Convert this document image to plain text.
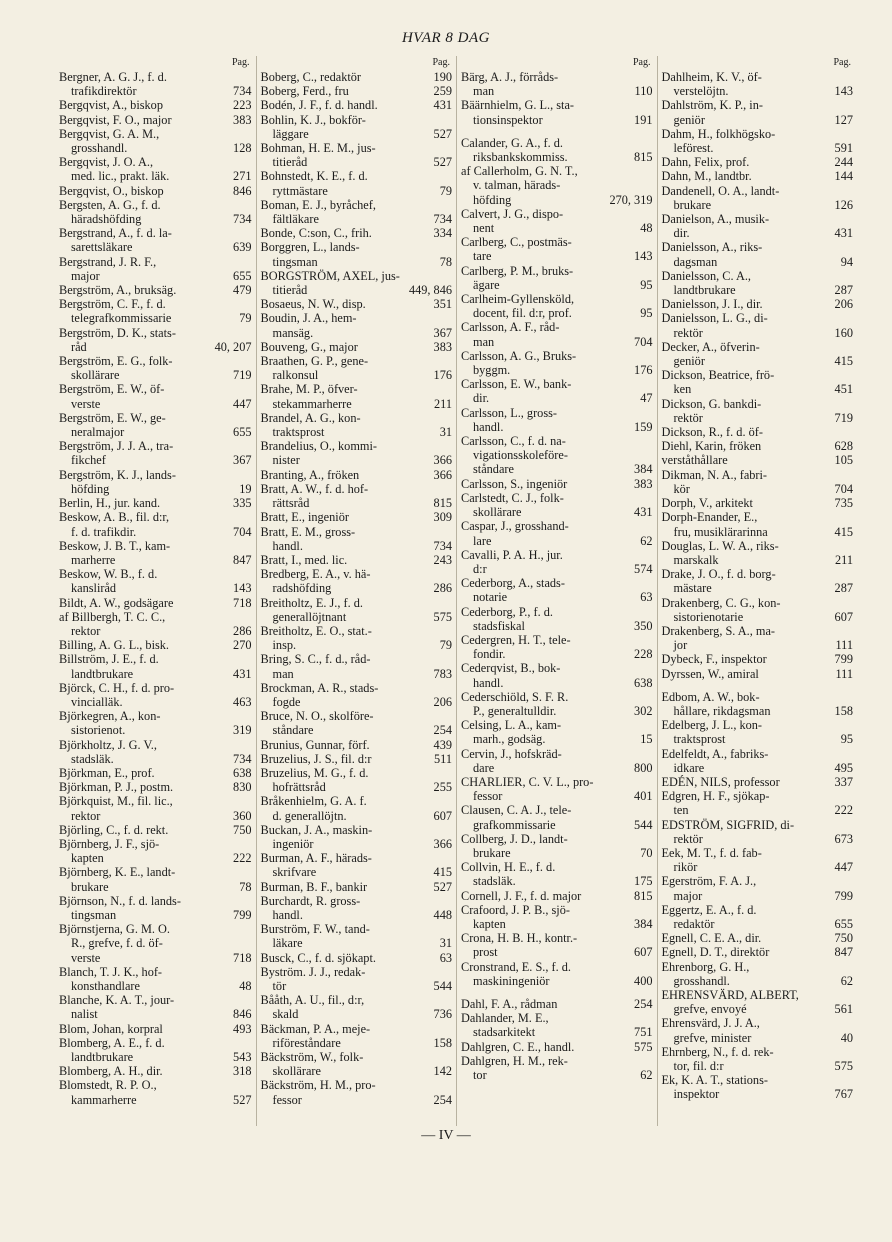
HVAR 8 DAG
Pag.
Bergner, A. G. J., f. d.
734
trafikdirektör
223
Bergqvist, A., biskop
383
Bergqvist, F. O., major
Bergqvist, G. A. M.,
128
grosshandl.
Bergqvist, J. O. A.,
271
med. lic., prakt. läk.
846
Bergqvist, O., biskop
Bergsten, A. G., f. d.
734
häradshöfding
Bergstrand, A., f. d. la-
639
sarettsläkare
Bergstrand, J. R. F.,
655
major
479
Bergström, A., bruksäg.
Bergström, C. F., f. d.
79
telegrafkommissarie
Bergström, D. K., stats-
40, 207
råd
Bergström, E. G., folk-
719
skollärare
Bergström, E. W., öf-
447
verste
Bergström, E. W., ge-
655
neralmajor
Bergström, J. J. A., tra-
367
fikchef
Bergström, K. J., lands-
19
höfding
335
Berlin, H., jur. kand.
Beskow, A. B., fil. d:r,
704
f. d. trafikdir.
Beskow, J. B. T., kam-
847
marherre
Beskow, W. B., f. d.
143
kansliråd
718
Bildt, A. W., godsägare
af Billbergh, T. C. C.,
286
rektor
270
Billing, A. G. L., bisk.
Billström, J. E., f. d.
431
landtbrukare
Björck, C. H., f. d. pro-
463
vincialläk.
Björkegren, A., kon-
319
sistorienot.
Björkholtz, J. G. V.,
734
stadsläk.
638
Björkman, E., prof.
830
Björkman, P. J., postm.
Björkquist, M., fil. lic.,
360
rektor
750
Björling, C., f. d. rekt.
Björnberg, J. F., sjö-
222
kapten
Björnberg, K. E., landt-
78
brukare
Björnson, N., f. d. lands-
799
tingsman
Björnstjerna, G. M. O.
R., grefve, f. d. öf-
718
verste
Blanch, T. J. K., hof-
48
konsthandlare
Blanche, K. A. T., jour-
846
nalist
493
Blom, Johan, korpral
Blomberg, A. E., f. d.
543
landtbrukare
318
Blomberg, A. H., dir.
Blomstedt, R. P. O.,
527
kammarherre
Pag.
190
Boberg, C., redaktör
259
Boberg, Ferd., fru
431
Bodén, J. F., f. d. handl.
Bohlin, K. J., bokför-
527
läggare
Bohman, H. E. M., jus-
527
titieråd
Bohnstedt, K. E., f. d.
79
ryttmästare
Boman, E. J., byråchef,
734
fältläkare
334
Bonde, C:son, C., frih.
Borggren, L., lands-
78
tingsman
BORGSTRÖM, AXEL, jus-
449, 846
titieråd
351
Bosaeus, N. W., disp.
Boudin, J. A., hem-
367
mansäg.
383
Bouveng, G., major
Braathen, G. P., gene-
176
ralkonsul
Brahe, M. P., öfver-
211
stekammarherre
Brandel, A. G., kon-
31
traktsprost
Brandelius, O., kommi-
366
nister
366
Branting, A., fröken
Bratt, A. W., f. d. hof-
815
rättsråd
309
Bratt, E., ingeniör
Bratt, E. M., gross-
734
handl.
243
Bratt, I., med. lic.
Bredberg, E. A., v. hä-
286
radshöfding
Breitholtz, E. J., f. d.
575
generallöjtnant
Breitholtz, E. O., stat.-
79
insp.
Bring, S. C., f. d., råd-
783
man
Brockman, A. R., stads-
206
fogde
Bruce, N. O., skolföre-
254
ståndare
439
Brunius, Gunnar, förf.
511
Bruzelius, J. S., fil. d:r
Bruzelius, M. G., f. d.
255
hofrättsråd
Bråkenhielm, G. A. f.
607
d. generallöjtn.
Buckan, J. A., maskin-
366
ingeniör
Burman, A. F., härads-
415
skrifvare
527
Burman, B. F., bankir
Burchardt, R. gross-
448
handl.
Burström, F. W., tand-
31
läkare
63
Busck, C., f. d. sjökapt.
Byström. J. J., redak-
544
tör
Bååth, A. U., fil., d:r,
736
skald
Bäckman, P. A., meje-
158
riföreståndare
Bäckström, W., folk-
142
skollärare
Bäckström, H. M., pro-
254
fessor
Pag.
Bärg, A. J., förråds-
110
man
Bäärnhielm, G. L., sta-
191
tionsinspektor
Calander, G. A., f. d.
815
riksbankskommiss.
af Callerholm, G. N. T.,
v. talman, härads-
270, 319
höfding
Calvert, J. G., dispo-
48
nent
Carlberg, C., postmäs-
143
tare
Carlberg, P. M., bruks-
95
ägare
Carlheim-Gyllensköld,
95
docent, fil. d:r, prof.
Carlsson, A. F., råd-
704
man
Carlsson, A. G., Bruks-
176
byggm.
Carlsson, E. W., bank-
47
dir.
Carlsson, L., gross-
159
handl.
Carlsson, C., f. d. na-
vigationsskoleföre-
384
ståndare
383
Carlsson, S., ingeniör
Carlstedt, C. J., folk-
431
skollärare
Caspar, J., grosshand-
62
lare
Cavalli, P. A. H., jur.
574
d:r
Cederborg, A., stads-
63
notarie
Cederborg, P., f. d.
350
stadsfiskal
Cedergren, H. T., tele-
228
fondir.
Cederqvist, B., bok-
638
handl.
Cederschiöld, S. F. R.
302
P., generaltulldir.
Celsing, L. A., kam-
15
marh., godsäg.
Cervin, J., hofskräd-
800
dare
CHARLIER, C. V. L., pro-
401
fessor
Clausen, C. A. J., tele-
544
grafkommissarie
Collberg, J. D., landt-
70
brukare
Collvin, H. E., f. d.
175
stadsläk.
815
Cornell, J. F., f. d. major
Crafoord, J. P. B., sjö-
384
kapten
Crona, H. B. H., kontr.-
607
prost
Cronstrand, E. S., f. d.
400
maskiningeniör
254
Dahl, F. A., rådman
Dahlander, M. E.,
751
stadsarkitekt
575
Dahlgren, C. E., handl.
Dahlgren, H. M., rek-
62
tor
Pag.
Dahlheim, K. V., öf-
143
verstelöjtn.
Dahlström, K. P., in-
127
geniör
Dahm, H., folkhögsko-
591
leförest.
244
Dahn, Felix, prof.
144
Dahn, M., landtbr.
Dandenell, O. A., landt-
126
brukare
Danielson, A., musik-
431
dir.
Danielsson, A., riks-
94
dagsman
Danielsson, C. A.,
287
landtbrukare
206
Danielsson, J. I., dir.
Danielsson, L. G., di-
160
rektör
Decker, A., öfverin-
415
geniör
Dickson, Beatrice, frö-
451
ken
Dickson, G. bankdi-
719
rektör
Dickson, R., f. d. öf-
628
Diehl, Karin, fröken
105
verståthållare
Dikman, N. A., fabri-
704
kör
735
Dorph, V., arkitekt
Dorph-Enander, E.,
415
fru, musiklärarinna
Douglas, L. W. A., riks-
211
marskalk
Drake, J. O., f. d. borg-
287
mästare
Drakenberg, C. G., kon-
607
sistorienotarie
Drakenberg, S. A., ma-
111
jor
799
Dybeck, F., inspektor
111
Dyrssen, W., amiral
Edbom, A. W., bok-
158
hållare, rikdagsman
Edelberg, J. L., kon-
95
traktsprost
Edelfeldt, A., fabriks-
495
idkare
337
EDÉN, NILS, professor
Edgren, H. F., sjökap-
222
ten
EDSTRÖM, SIGFRID, di-
673
rektör
Eek, M. T., f. d. fab-
447
rikör
Egerström, F. A. J.,
799
major
Eggertz, E. A., f. d.
655
redaktör
750
Egnell, C. E. A., dir.
847
Egnell, D. T., direktör
Ehrenborg, G. H.,
62
grosshandl.
EHRENSVÄRD, ALBERT,
561
grefve, envoyé
Ehrensvärd, J. J. A.,
40
grefve, minister
Ehrnberg, N., f. d. rek-
575
tor, fil. d:r
Ek, K. A. T., stations-
767
inspektor
— IV —
